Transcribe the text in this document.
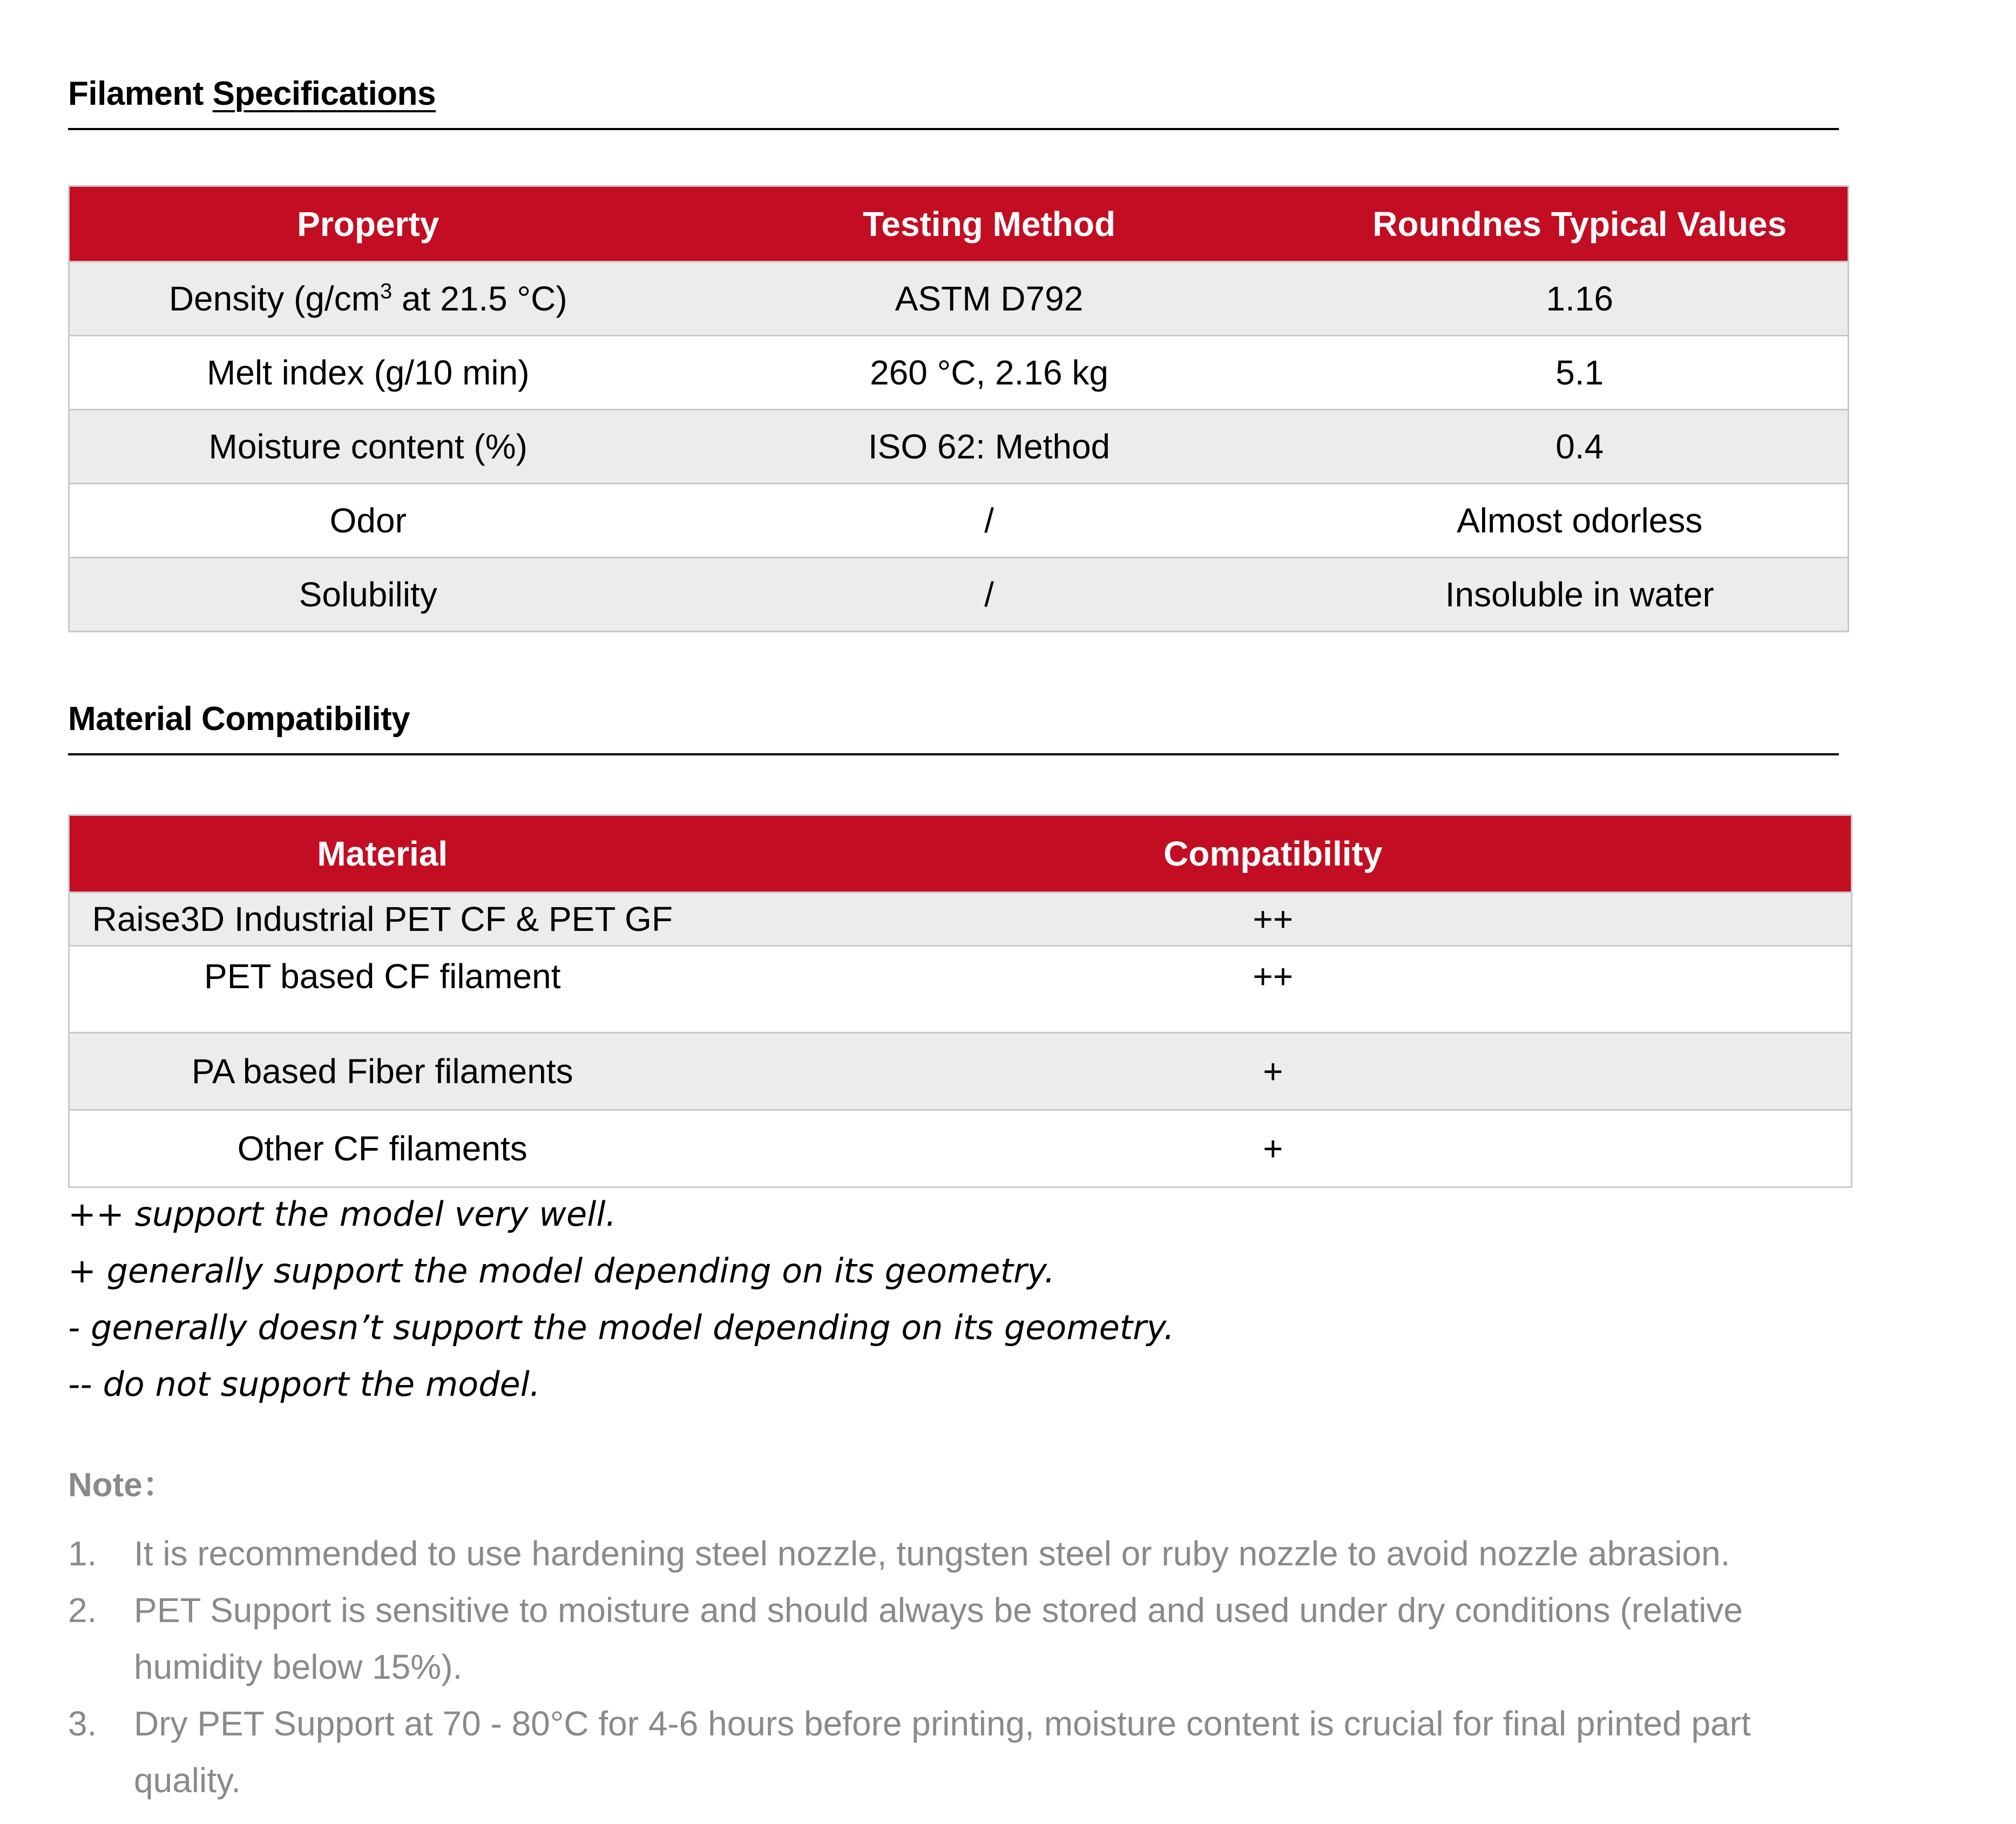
Filament Specifications
Property	Testing Method	Roundnes Typical Values
Density ($g/cm^3$ at 21.5 °C)	ASTM D792	1.16
Melt index (g/10 min)	260 °C, 2.16 kg	5.1
Moisture content (%)	ISO 62: Method	0.4
Odor	/	Almost odorless
Solubility	/	Insoluble in water
Material Compatibility
Material	Compatibility
Raise3D Industrial PET CF & PET GF	++
PET based CF filament	++
PA based Fiber filaments	+
Other CF filaments	+

++ support the model very well.

+ generally support the model depending on its geometry.

- generally doesn’t support the model depending on its geometry.

-- do not support the model.

Note：
1. It is recommended to use hardening steel nozzle, tungsten steel or ruby nozzle to avoid nozzle abrasion.
2. PET Support is sensitive to moisture and should always be stored and used under dry conditions (relative humidity below 15%).
3. Dry PET Support at 70 - 80°C for 4-6 hours before printing, moisture content is crucial for final printed part quality.
